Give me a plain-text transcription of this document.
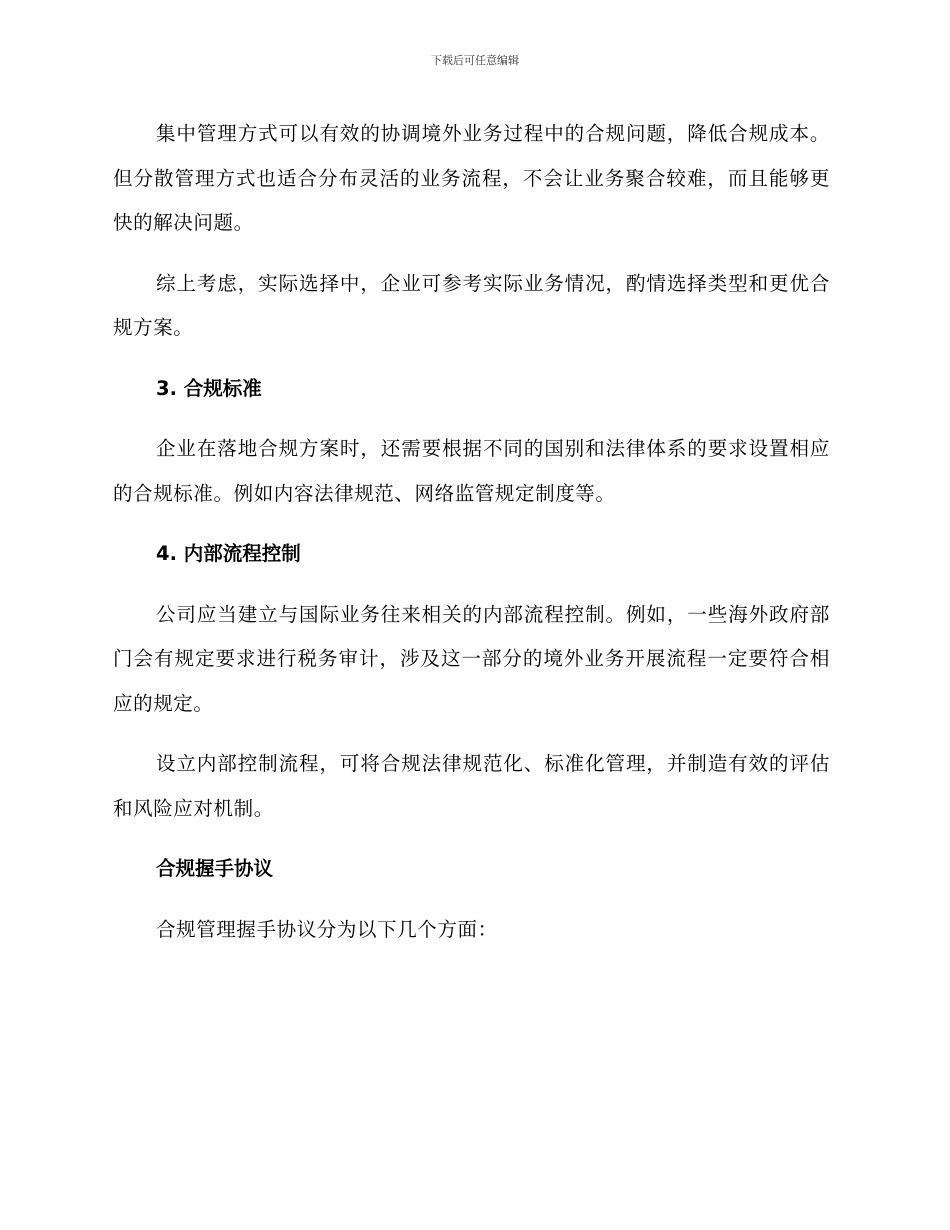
下载后可任意编辑

集中管理方式可以有效的协调境外业务过程中的合规问题，降低合规成本。但分散管理方式也适合分布灵活的业务流程，不会让业务聚合较难，而且能够更快的解决问题。

综上考虑，实际选择中，企业可参考实际业务情况，酌情选择类型和更优合规方案。

3. 合规标准

企业在落地合规方案时，还需要根据不同的国别和法律体系的要求设置相应的合规标准。例如内容法律规范、网络监管规定制度等。

4. 内部流程控制

公司应当建立与国际业务往来相关的内部流程控制。例如，一些海外政府部门会有规定要求进行税务审计，涉及这一部分的境外业务开展流程一定要符合相应的规定。

设立内部控制流程，可将合规法律规范化、标准化管理，并制造有效的评估和风险应对机制。

合规握手协议

合规管理握手协议分为以下几个方面：
